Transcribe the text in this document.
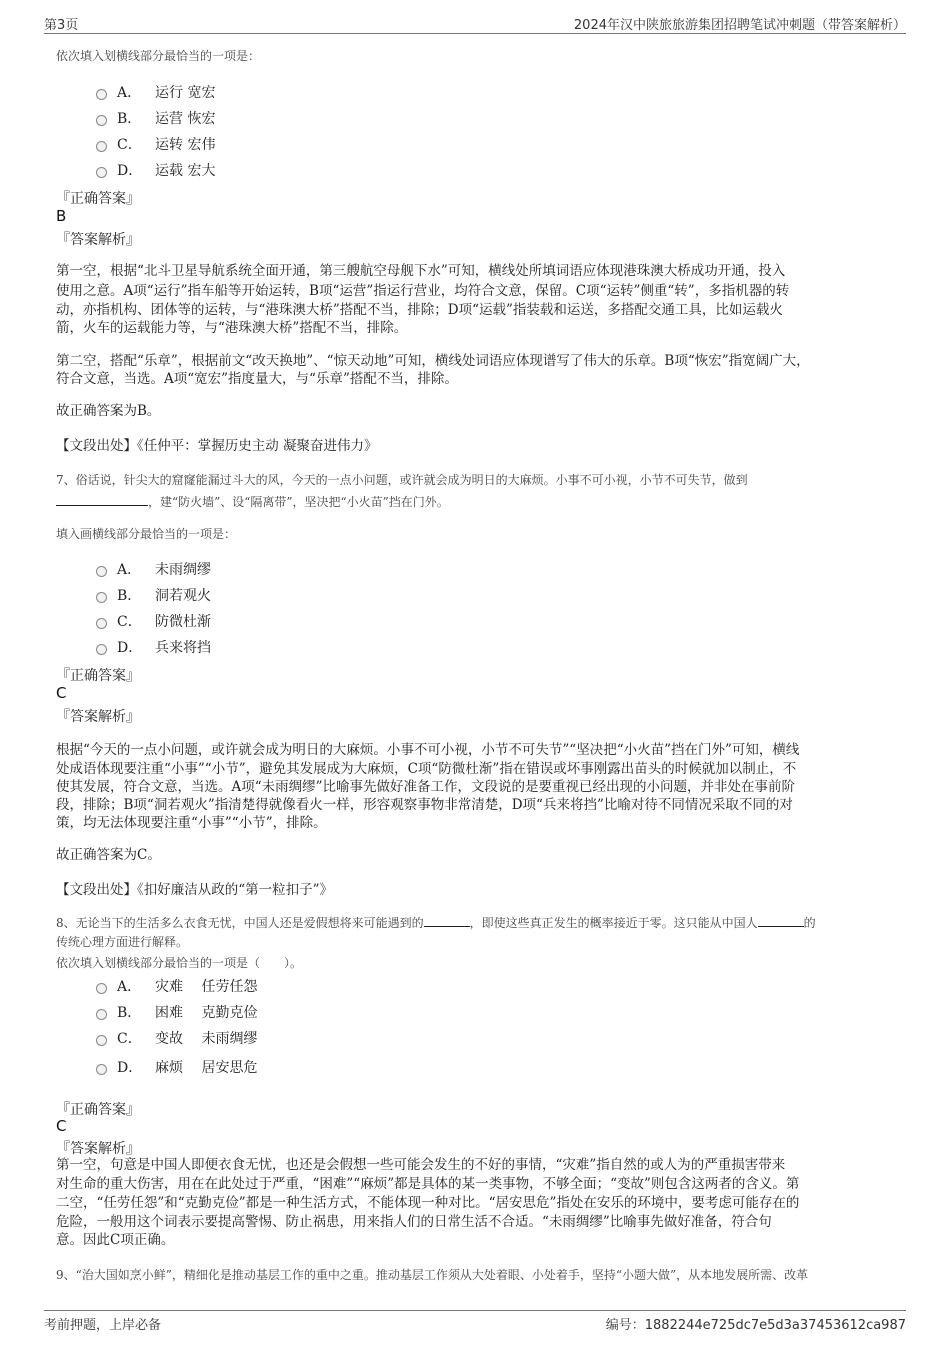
第3页	2024年汉中陕旅旅游集团招聘笔试冲刺题（带答案解析）
依次填入划横线部分最恰当的一项是：
A． 运行 宽宏
B． 运营 恢宏
C． 运转 宏伟
D． 运载 宏大
『正确答案』
B
『答案解析』
第一空，根据“北斗卫星导航系统全面开通，第三艘航空母舰下水”可知，横线处所填词语应体现港珠澳大桥成功开通，投入
使用之意。A项“运行”指车船等开始运转，B项“运营”指运行营业，均符合文意，保留。C项“运转”侧重“转”，多指机器的转
动，亦指机构、团体等的运转，与“港珠澳大桥”搭配不当，排除；D项“运载”指装载和运送，多搭配交通工具，比如运载火
箭，火车的运载能力等，与“港珠澳大桥”搭配不当，排除。
第二空，搭配“乐章”，根据前文“改天换地”、“惊天动地”可知，横线处词语应体现谱写了伟大的乐章。B项“恢宏”指宽阔广大，
符合文意，当选。A项“宽宏”指度量大，与“乐章”搭配不当，排除。
故正确答案为B。
【文段出处】《任仲平：掌握历史主动 凝聚奋进伟力》
7、俗话说，针尖大的窟窿能漏过斗大的风，今天的一点小问题，或许就会成为明日的大麻烦。小事不可小视，小节不可失节，做到
，建“防火墙”、设“隔离带”，坚决把“小火苗”挡在门外。
填入画横线部分最恰当的一项是：
A． 未雨绸缪
B． 洞若观火
C． 防微杜渐
D． 兵来将挡
『正确答案』
C
『答案解析』
根据“今天的一点小问题，或许就会成为明日的大麻烦。小事不可小视，小节不可失节”“坚决把“小火苗”挡在门外”可知，横线
处成语体现要注重“小事”“小节”，避免其发展成为大麻烦，C项“防微杜渐”指在错误或坏事刚露出苗头的时候就加以制止，不
使其发展，符合文意，当选。A项“未雨绸缪”比喻事先做好准备工作，文段说的是要重视已经出现的小问题，并非处在事前阶
段，排除；B项“洞若观火”指清楚得就像看火一样，形容观察事物非常清楚，D项“兵来将挡”比喻对待不同情况采取不同的对
策，均无法体现要注重“小事”“小节”，排除。
故正确答案为C。
【文段出处】《扣好廉洁从政的“第一粒扣子”》
8、无论当下的生活多么衣食无忧，中国人还是爱假想将来可能遇到的	，即使这些真正发生的概率接近于零。这只能从中国人	的
传统心理方面进行解释。
依次填入划横线部分最恰当的一项是（　　）。
A． 灾难　 任劳任怨
B． 困难　 克勤克俭
C． 变故　 未雨绸缪
D． 麻烦　 居安思危
『正确答案』
C
『答案解析』
第一空，句意是中国人即便衣食无忧，也还是会假想一些可能会发生的不好的事情，“灾难”指自然的或人为的严重损害带来
对生命的重大伤害，用在在此处过于严重，“困难”“麻烦”都是具体的某一类事物，不够全面；“变故”则包含这两者的含义。第
二空，“任劳任怨”和“克勤克俭”都是一种生活方式，不能体现一种对比。“居安思危”指处在安乐的环境中，要考虑可能存在的
危险，一般用这个词表示要提高警惕、防止祸患，用来指人们的日常生活不合适。“未雨绸缪”比喻事先做好准备，符合句
意。因此C项正确。
9、“治大国如烹小鲜”，精细化是推动基层工作的重中之重。推动基层工作须从大处着眼、小处着手，坚持“小题大做”，从本地发展所需、改革
考前押题，上岸必备	编号：1882244e725dc7e5d3a37453612ca987
